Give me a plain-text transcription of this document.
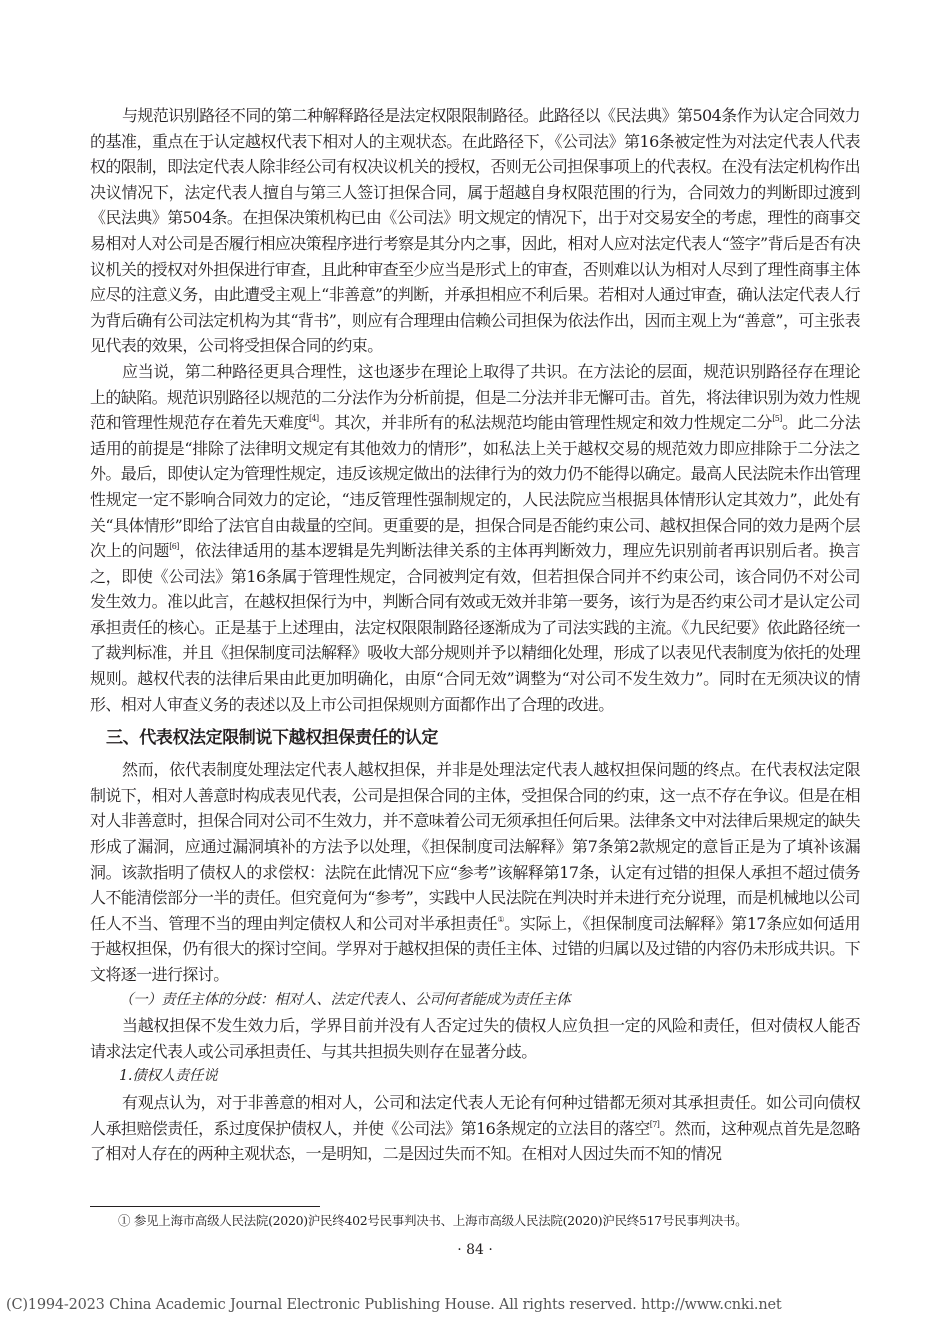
与规范识别路径不同的第二种解释路径是法定权限限制路径。此路径以《民法典》第504条作为认定合同效力的基准，重点在于认定越权代表下相对人的主观状态。在此路径下，《公司法》第16条被定性为对法定代表人代表权的限制，即法定代表人除非经公司有权决议机关的授权，否则无公司担保事项上的代表权。在没有法定机构作出决议情况下，法定代表人擅自与第三人签订担保合同，属于超越自身权限范围的行为，合同效力的判断即过渡到《民法典》第504条。在担保决策机构已由《公司法》明文规定的情况下，出于对交易安全的考虑，理性的商事交易相对人对公司是否履行相应决策程序进行考察是其分内之事，因此，相对人应对法定代表人“签字”背后是否有决议机关的授权对外担保进行审查，且此种审查至少应当是形式上的审查，否则难以认为相对人尽到了理性商事主体应尽的注意义务，由此遭受主观上“非善意”的判断，并承担相应不利后果。若相对人通过审查，确认法定代表人行为背后确有公司法定机构为其“背书”，则应有合理理由信赖公司担保为依法作出，因而主观上为“善意”，可主张表见代表的效果，公司将受担保合同的约束。

应当说，第二种路径更具合理性，这也逐步在理论上取得了共识。在方法论的层面，规范识别路径存在理论上的缺陷。规范识别路径以规范的二分法作为分析前提，但是二分法并非无懈可击。首先，将法律识别为效力性规范和管理性规范存在着先天难度[4]。其次，并非所有的私法规范均能由管理性规定和效力性规定二分[5]。此二分法适用的前提是“排除了法律明文规定有其他效力的情形”，如私法上关于越权交易的规范效力即应排除于二分法之外。最后，即使认定为管理性规定，违反该规定做出的法律行为的效力仍不能得以确定。最高人民法院未作出管理性规定一定不影响合同效力的定论，“违反管理性强制规定的，人民法院应当根据具体情形认定其效力”，此处有关“具体情形”即给了法官自由裁量的空间。更重要的是，担保合同是否能约束公司、越权担保合同的效力是两个层次上的问题[6]，依法律适用的基本逻辑是先判断法律关系的主体再判断效力，理应先识别前者再识别后者。换言之，即使《公司法》第16条属于管理性规定，合同被判定有效，但若担保合同并不约束公司，该合同仍不对公司发生效力。准以此言，在越权担保行为中，判断合同有效或无效并非第一要务，该行为是否约束公司才是认定公司承担责任的核心。正是基于上述理由，法定权限限制路径逐渐成为了司法实践的主流。《九民纪要》依此路径统一了裁判标准，并且《担保制度司法解释》吸收大部分规则并予以精细化处理，形成了以表见代表制度为依托的处理规则。越权代表的法律后果由此更加明确化，由原“合同无效”调整为“对公司不发生效力”。同时在无须决议的情形、相对人审查义务的表述以及上市公司担保规则方面都作出了合理的改进。

三、代表权法定限制说下越权担保责任的认定

然而，依代表制度处理法定代表人越权担保，并非是处理法定代表人越权担保问题的终点。在代表权法定限制说下，相对人善意时构成表见代表，公司是担保合同的主体，受担保合同的约束，这一点不存在争议。但是在相对人非善意时，担保合同对公司不生效力，并不意味着公司无须承担任何后果。法律条文中对法律后果规定的缺失形成了漏洞，应通过漏洞填补的方法予以处理，《担保制度司法解释》第7条第2款规定的意旨正是为了填补该漏洞。该款指明了债权人的求偿权：法院在此情况下应“参考”该解释第17条，认定有过错的担保人承担不超过债务人不能清偿部分一半的责任。但究竟何为“参考”，实践中人民法院在判决时并未进行充分说理，而是机械地以公司任人不当、管理不当的理由判定债权人和公司对半承担责任①。实际上，《担保制度司法解释》第17条应如何适用于越权担保，仍有很大的探讨空间。学界对于越权担保的责任主体、过错的归属以及过错的内容仍未形成共识。下文将逐一进行探讨。

（一）责任主体的分歧：相对人、法定代表人、公司何者能成为责任主体

当越权担保不发生效力后，学界目前并没有人否定过失的债权人应负担一定的风险和责任，但对债权人能否请求法定代表人或公司承担责任、与其共担损失则存在显著分歧。

1.债权人责任说

有观点认为，对于非善意的相对人，公司和法定代表人无论有何种过错都无须对其承担责任。如公司向债权人承担赔偿责任，系过度保护债权人，并使《公司法》第16条规定的立法目的落空[7]。然而，这种观点首先是忽略了相对人存在的两种主观状态，一是明知，二是因过失而不知。在相对人因过失而不知的情况

① 参见上海市高级人民法院(2020)沪民终402号民事判决书、上海市高级人民法院(2020)沪民终517号民事判决书。
· 84 ·
(C)1994-2023 China Academic Journal Electronic Publishing House. All rights reserved. http://www.cnki.net
